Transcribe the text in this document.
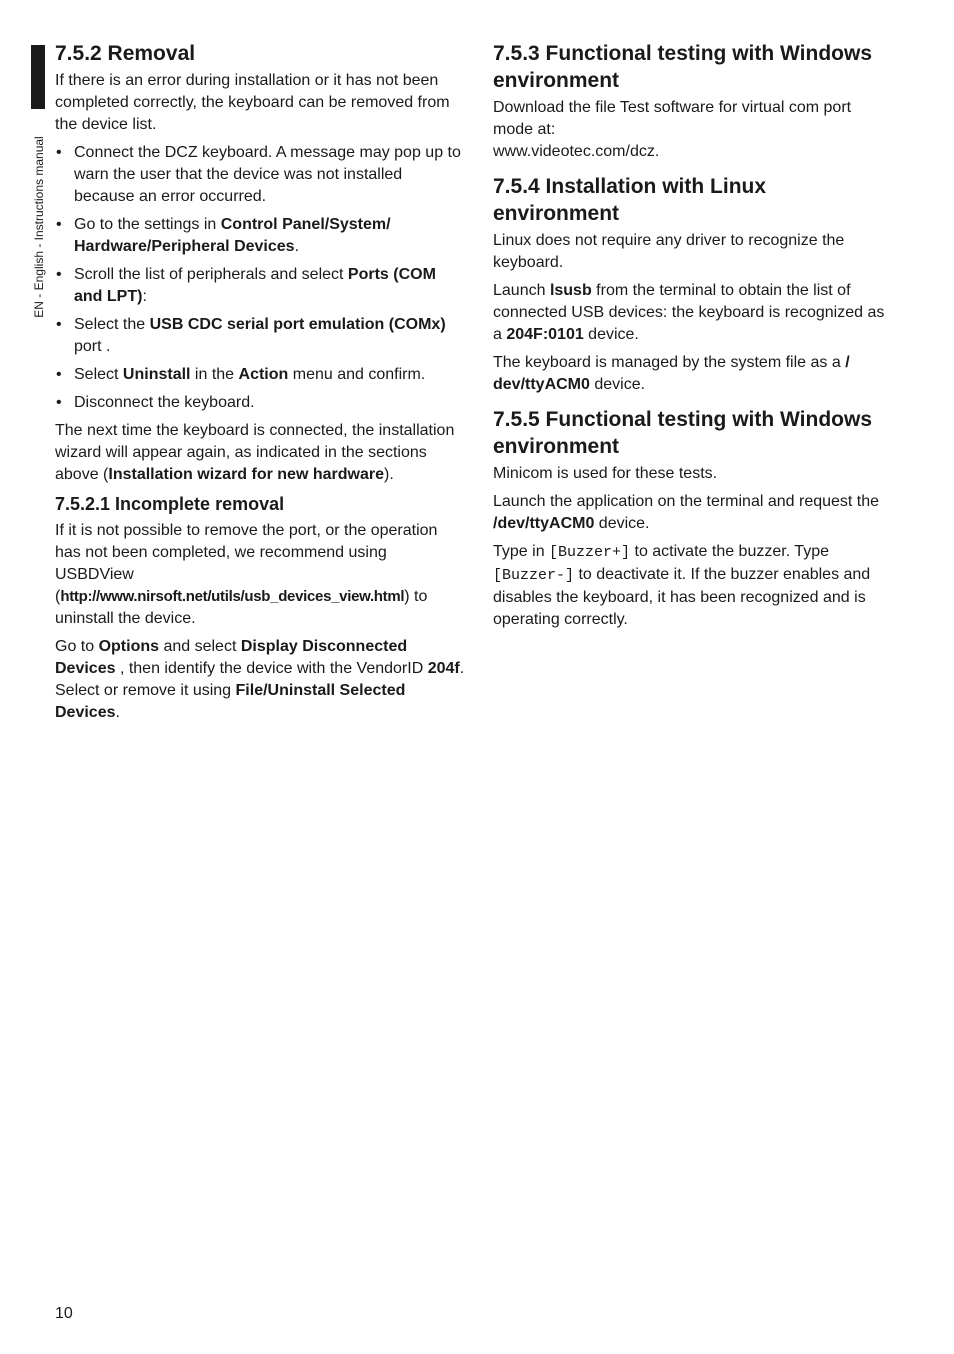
EN - English - Instructions manual
7.5.2 Removal

If there is an error during installation or it has not been completed correctly, the keyboard can be removed from the device list.

• Connect the DCZ keyboard. A message may pop up to warn the user that the device was not installed because an error occurred.
• Go to the settings in Control Panel/System/ Hardware/Peripheral Devices.
• Scroll the list of peripherals and select Ports (COM and LPT):
• Select the USB CDC serial port emulation (COMx) port .
• Select Uninstall in the Action menu and confirm.
• Disconnect the keyboard.

The next time the keyboard is connected, the installation wizard will appear again, as indicated in the sections above (Installation wizard for new hardware).

7.5.2.1 Incomplete removal

If it is not possible to remove the port, or the operation has not been completed, we recommend using USBDView (http://www.nirsoft.net/utils/usb_devices_view.html) to uninstall the device.

Go to Options and select Display Disconnected Devices , then identify the device with the VendorID 204f. Select or remove it using File/Uninstall Selected Devices.

7.5.3 Functional testing with Windows environment

Download the file Test software for virtual com port mode at:
www.videotec.com/dcz.

7.5.4 Installation with Linux environment

Linux does not require any driver to recognize the keyboard.

Launch lsusb from the terminal to obtain the list of connected USB devices: the keyboard is recognized as a 204F:0101 device.

The keyboard is managed by the system file as a / dev/ttyACM0 device.

7.5.5 Functional testing with Windows environment

Minicom is used for these tests.

Launch the application on the terminal and request the /dev/ttyACM0 device.

Type in [Buzzer+] to activate the buzzer. Type [Buzzer-] to deactivate it. If the buzzer enables and disables the keyboard, it has been recognized and is operating correctly.

10
